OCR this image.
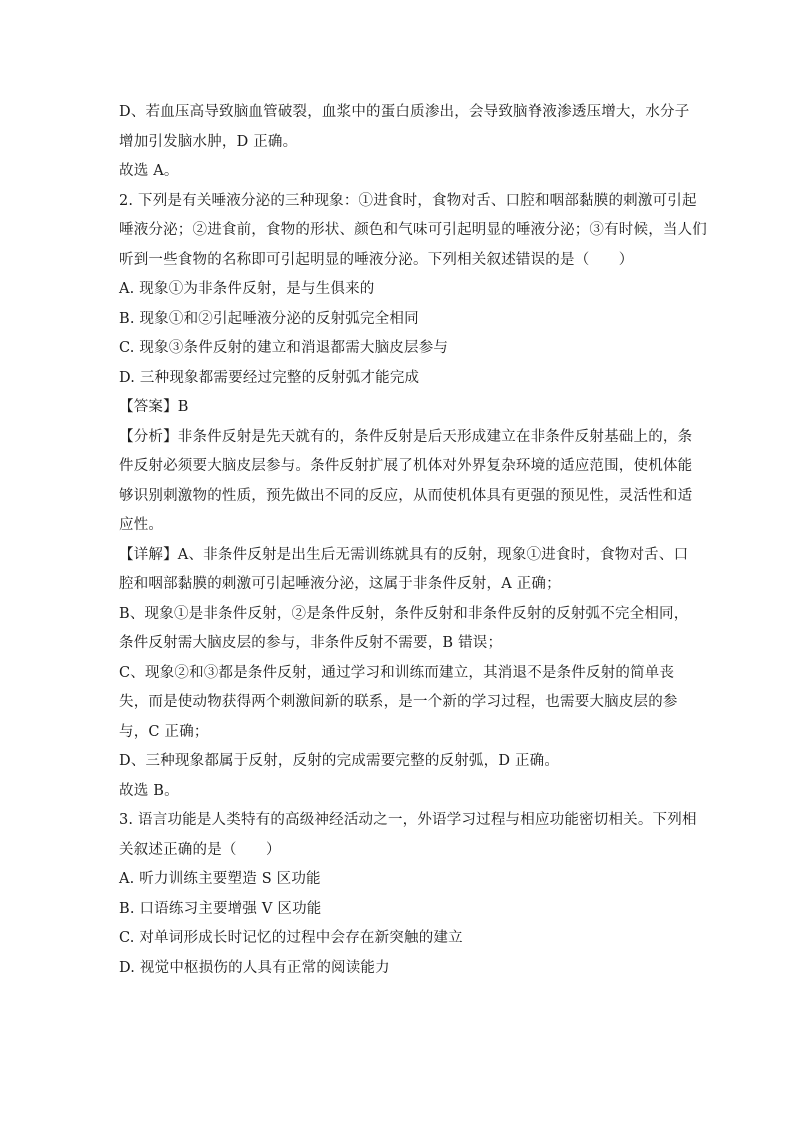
D、若血压高导致脑血管破裂，血浆中的蛋白质渗出，会导致脑脊液渗透压增大，水分子
增加引发脑水肿，D 正确。
故选 A。
2. 下列是有关唾液分泌的三种现象：①进食时，食物对舌、口腔和咽部黏膜的刺激可引起
唾液分泌；②进食前，食物的形状、颜色和气味可引起明显的唾液分泌；③有时候，当人们
听到一些食物的名称即可引起明显的唾液分泌。下列相关叙述错误的是（　　）
A. 现象①为非条件反射，是与生俱来的
B. 现象①和②引起唾液分泌的反射弧完全相同
C. 现象③条件反射的建立和消退都需大脑皮层参与
D. 三种现象都需要经过完整的反射弧才能完成
【答案】B
【分析】非条件反射是先天就有的，条件反射是后天形成建立在非条件反射基础上的，条
件反射必须要大脑皮层参与。条件反射扩展了机体对外界复杂环境的适应范围，使机体能
够识别刺激物的性质，预先做出不同的反应，从而使机体具有更强的预见性，灵活性和适
应性。
【详解】A、非条件反射是出生后无需训练就具有的反射，现象①进食时，食物对舌、口
腔和咽部黏膜的刺激可引起唾液分泌，这属于非条件反射，A 正确；
B、现象①是非条件反射，②是条件反射，条件反射和非条件反射的反射弧不完全相同，
条件反射需大脑皮层的参与，非条件反射不需要，B 错误；
C、现象②和③都是条件反射，通过学习和训练而建立，其消退不是条件反射的简单丧
失，而是使动物获得两个刺激间新的联系，是一个新的学习过程，也需要大脑皮层的参
与，C 正确；
D、三种现象都属于反射，反射的完成需要完整的反射弧，D 正确。
故选 B。
3. 语言功能是人类特有的高级神经活动之一，外语学习过程与相应功能密切相关。下列相
关叙述正确的是（　　）
A. 听力训练主要塑造 S 区功能
B. 口语练习主要增强 V 区功能
C. 对单词形成长时记忆的过程中会存在新突触的建立
D. 视觉中枢损伤的人具有正常的阅读能力
